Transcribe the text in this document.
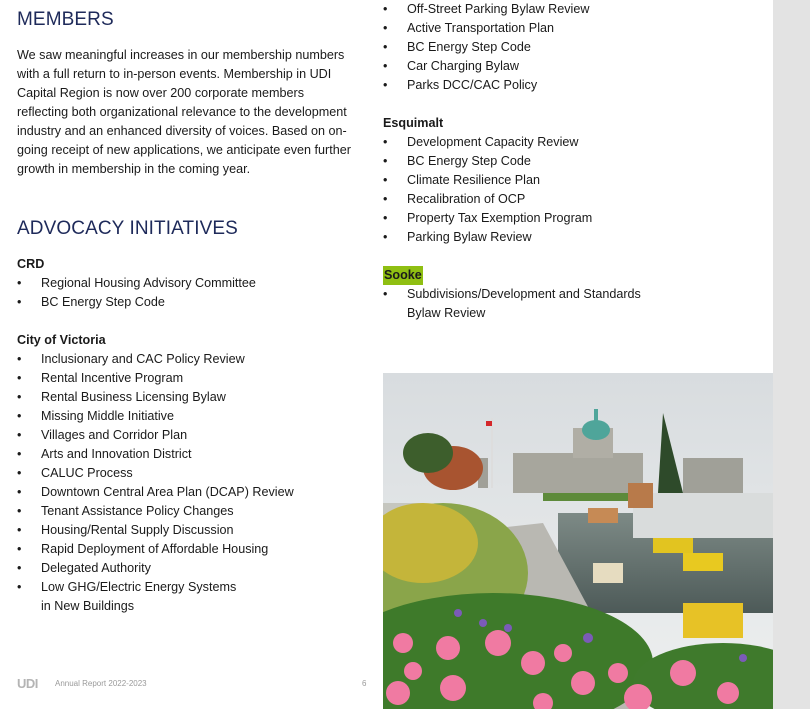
MEMBERS

We saw meaningful increases in our membership numbers with a full return to in-person events. Membership in UDI Capital Region is now over 200 corporate members reflecting both organizational relevance to the development industry and an enhanced diversity of voices. Based on on-going receipt of new applications, we anticipate even further growth in membership in the coming year.

ADVOCACY INITIATIVES
CRD
• Regional Housing Advisory Committee
• BC Energy Step Code
City of Victoria
• Inclusionary and CAC Policy Review
• Rental Incentive Program
• Rental Business Licensing Bylaw
• Missing Middle Initiative
• Villages and Corridor Plan
• Arts and Innovation District
• CALUC Process
• Downtown Central Area Plan (DCAP) Review
• Tenant Assistance Policy Changes
• Housing/Rental Supply Discussion
• Rapid Deployment of Affordable Housing
• Delegated Authority
• Low GHG/Electric Energy Systems
in New Buildings
• Off-Street Parking Bylaw Review
• Active Transportation Plan
• BC Energy Step Code
• Car Charging Bylaw
• Parks DCC/CAC Policy
Esquimalt
• Development Capacity Review
• BC Energy Step Code
• Climate Resilience Plan
• Recalibration of OCP
• Property Tax Exemption Program
• Parking Bylaw Review
Sooke
• Subdivisions/Development and Standards
Bylaw Review
UDI Annual Report 2022-2023	6
